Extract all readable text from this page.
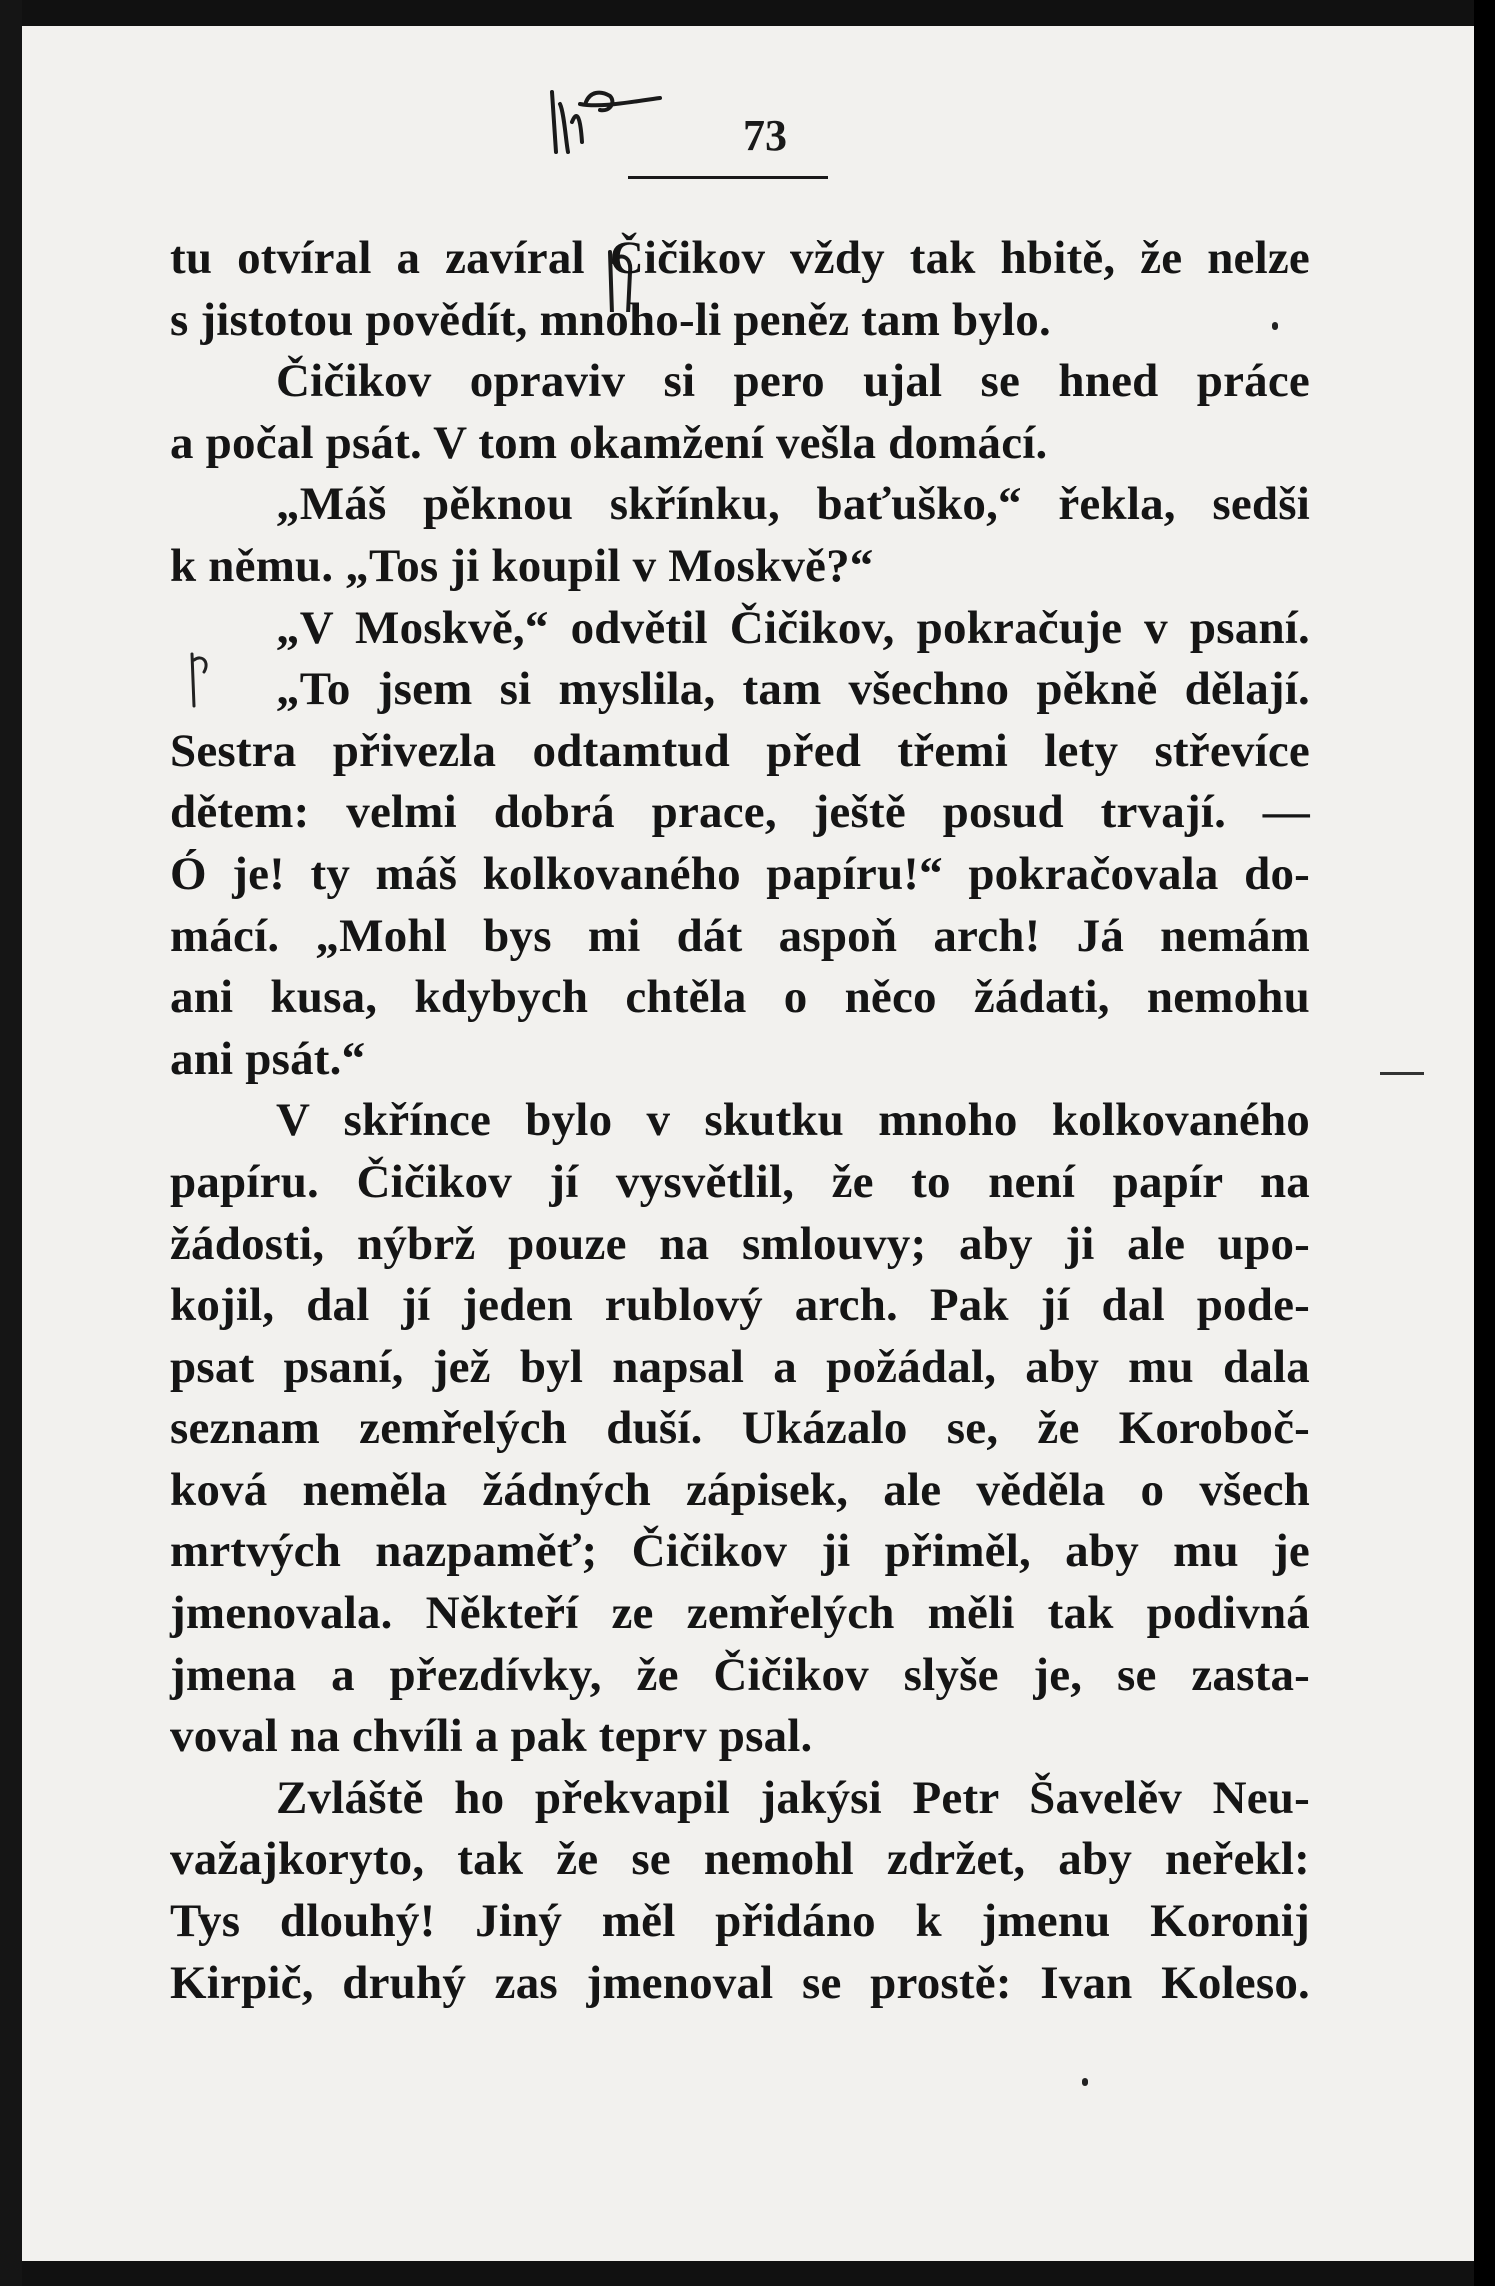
73
tu otvíral a zavíral Čičikov vždy tak hbitě, že nelze
s jistotou povědít, mnoho-li peněz tam bylo.
Čičikov opraviv si pero ujal se hned práce
a počal psát. V tom okamžení vešla domácí.
„Máš pěknou skřínku, baťuško,“ řekla, sedši
k němu. „Tos ji koupil v Moskvě?“
„V Moskvě,“ odvětil Čičikov, pokračuje v psaní.
„To jsem si myslila, tam všechno pěkně dělají.
Sestra přivezla odtamtud před třemi lety střevíce
dětem: velmi dobrá prace, ještě posud trvají. —
Ó je! ty máš kolkovaného papíru!“ pokračovala do-
mácí. „Mohl bys mi dát aspoň arch! Já nemám
ani kusa, kdybych chtěla o něco žádati, nemohu
ani psát.“
V skřínce bylo v skutku mnoho kolkovaného
papíru. Čičikov jí vysvětlil, že to není papír na
žádosti, nýbrž pouze na smlouvy; aby ji ale upo-
kojil, dal jí jeden rublový arch. Pak jí dal pode-
psat psaní, jež byl napsal a požádal, aby mu dala
seznam zemřelých duší. Ukázalo se, že Koroboč-
ková neměla žádných zápisek, ale věděla o všech
mrtvých nazpaměť; Čičikov ji přiměl, aby mu je
jmenovala. Někteří ze zemřelých měli tak podivná
jmena a přezdívky, že Čičikov slyše je, se zasta-
voval na chvíli a pak teprv psal.
Zvláště ho překvapil jakýsi Petr Šavelěv Neu-
važajkoryto, tak že se nemohl zdržet, aby neřekl:
Tys dlouhý! Jiný měl přidáno k jmenu Koronij
Kirpič, druhý zas jmenoval se prostě: Ivan Koleso.
